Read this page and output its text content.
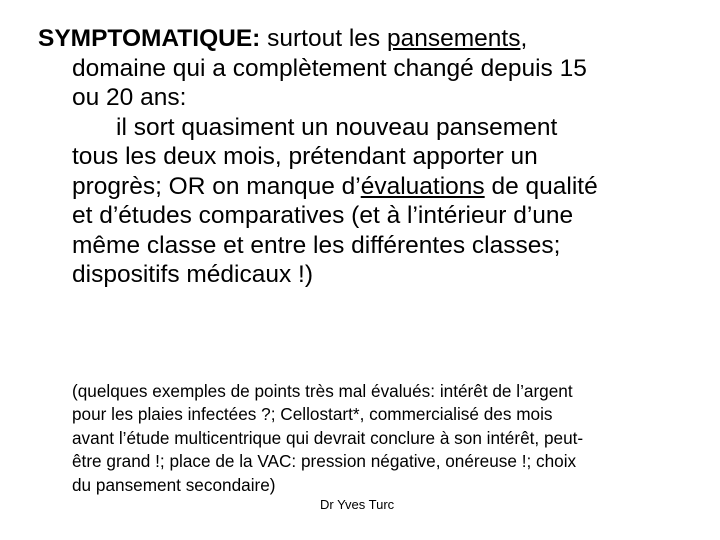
SYMPTOMATIQUE: surtout les pansements,
domaine qui a complètement changé depuis 15
ou 20 ans:
il sort quasiment un nouveau pansement
tous les deux mois, prétendant apporter un
progrès; OR on manque d’évaluations de qualité
et d’études comparatives (et à l’intérieur d’une
même classe et entre les différentes classes;
dispositifs médicaux !)
(quelques exemples de points très mal évalués: intérêt de l’argent
pour les plaies infectées ?; Cellostart*, commercialisé des mois
avant l’étude multicentrique qui devrait conclure à son intérêt, peut-
être grand !; place de la VAC: pression négative, onéreuse !; choix
du pansement secondaire)
Dr Yves Turc
